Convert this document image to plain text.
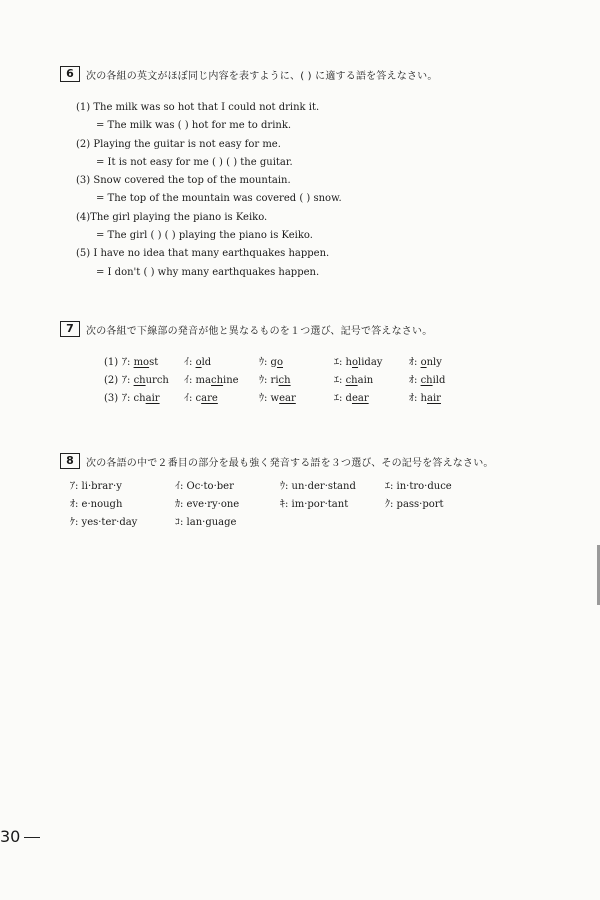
6	次の各組の英文がほぼ同じ内容を表すように、( ) に適する語を答えなさい。
(1) The milk was so hot that I could not drink it.
= The milk was ( ) hot for me to drink.
(2) Playing the guitar is not easy for me.
= It is not easy for me ( ) ( ) the guitar.
(3) Snow covered the top of the mountain.
= The top of the mountain was covered ( ) snow.
(4)The girl playing the piano is Keiko.
= The girl ( ) ( ) playing the piano is Keiko.
(5) I have no idea that many earthquakes happen.
= I don't ( ) why many earthquakes happen.
7	次の各組で下線部の発音が他と異なるものを１つ選び、記号で答えなさい。
(1) ｱ: most	ｲ: old	ｳ: go	ｴ: holiday	ｵ: only
(2) ｱ: church	ｲ: machine	ｳ: rich	ｴ: chain	ｵ: child
(3) ｱ: chair	ｲ: care	ｳ: wear	ｴ: dear	ｵ: hair
8	次の各語の中で２番目の部分を最も強く発音する語を３つ選び、その記号を答えなさい。
ｱ: li·brar·y	ｲ: Oc·to·ber	ｳ: un·der·stand	ｴ: in·tro·duce
ｵ: e·nough	ｶ: eve·ry·one	ｷ: im·por·tant	ｸ: pass·port
ｹ: yes·ter·day	ｺ: lan·guage
30
